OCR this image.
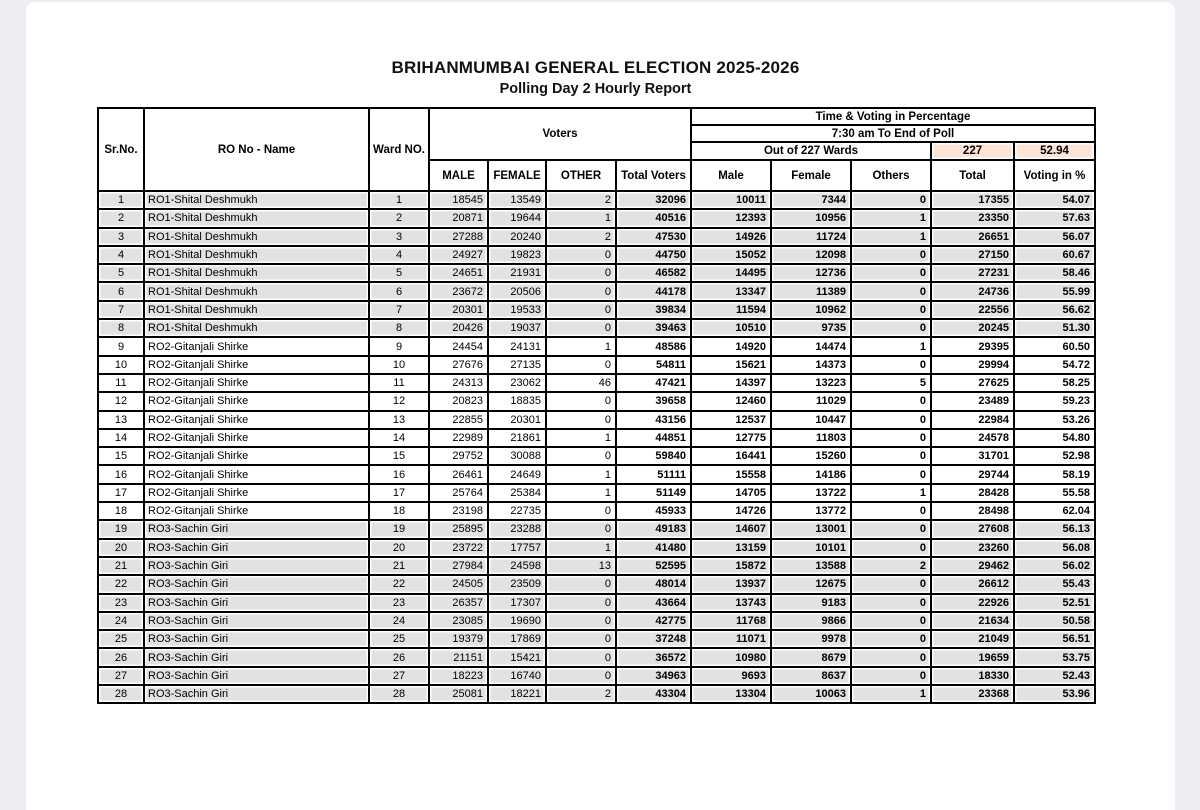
BRIHANMUMBAI GENERAL ELECTION 2025-2026
Polling Day 2 Hourly Report
Sr.No.	RO No - Name	Ward NO.	Voters				Time & Voting in Percentage				
							7:30 am To End of Poll				
							Out of 227 Wards			227	52.94
			MALE	FEMALE	OTHER	Total Voters	Male	Female	Others	Total	Voting in %
1	RO1-Shital Deshmukh	1	18545	13549	2	32096	10011	7344	0	17355	54.07
2	RO1-Shital Deshmukh	2	20871	19644	1	40516	12393	10956	1	23350	57.63
3	RO1-Shital Deshmukh	3	27288	20240	2	47530	14926	11724	1	26651	56.07
4	RO1-Shital Deshmukh	4	24927	19823	0	44750	15052	12098	0	27150	60.67
5	RO1-Shital Deshmukh	5	24651	21931	0	46582	14495	12736	0	27231	58.46
6	RO1-Shital Deshmukh	6	23672	20506	0	44178	13347	11389	0	24736	55.99
7	RO1-Shital Deshmukh	7	20301	19533	0	39834	11594	10962	0	22556	56.62
8	RO1-Shital Deshmukh	8	20426	19037	0	39463	10510	9735	0	20245	51.30
9	RO2-Gitanjali Shirke	9	24454	24131	1	48586	14920	14474	1	29395	60.50
10	RO2-Gitanjali Shirke	10	27676	27135	0	54811	15621	14373	0	29994	54.72
11	RO2-Gitanjali Shirke	11	24313	23062	46	47421	14397	13223	5	27625	58.25
12	RO2-Gitanjali Shirke	12	20823	18835	0	39658	12460	11029	0	23489	59.23
13	RO2-Gitanjali Shirke	13	22855	20301	0	43156	12537	10447	0	22984	53.26
14	RO2-Gitanjali Shirke	14	22989	21861	1	44851	12775	11803	0	24578	54.80
15	RO2-Gitanjali Shirke	15	29752	30088	0	59840	16441	15260	0	31701	52.98
16	RO2-Gitanjali Shirke	16	26461	24649	1	51111	15558	14186	0	29744	58.19
17	RO2-Gitanjali Shirke	17	25764	25384	1	51149	14705	13722	1	28428	55.58
18	RO2-Gitanjali Shirke	18	23198	22735	0	45933	14726	13772	0	28498	62.04
19	RO3-Sachin Giri	19	25895	23288	0	49183	14607	13001	0	27608	56.13
20	RO3-Sachin Giri	20	23722	17757	1	41480	13159	10101	0	23260	56.08
21	RO3-Sachin Giri	21	27984	24598	13	52595	15872	13588	2	29462	56.02
22	RO3-Sachin Giri	22	24505	23509	0	48014	13937	12675	0	26612	55.43
23	RO3-Sachin Giri	23	26357	17307	0	43664	13743	9183	0	22926	52.51
24	RO3-Sachin Giri	24	23085	19690	0	42775	11768	9866	0	21634	50.58
25	RO3-Sachin Giri	25	19379	17869	0	37248	11071	9978	0	21049	56.51
26	RO3-Sachin Giri	26	21151	15421	0	36572	10980	8679	0	19659	53.75
27	RO3-Sachin Giri	27	18223	16740	0	34963	9693	8637	0	18330	52.43
28	RO3-Sachin Giri	28	25081	18221	2	43304	13304	10063	1	23368	53.96
